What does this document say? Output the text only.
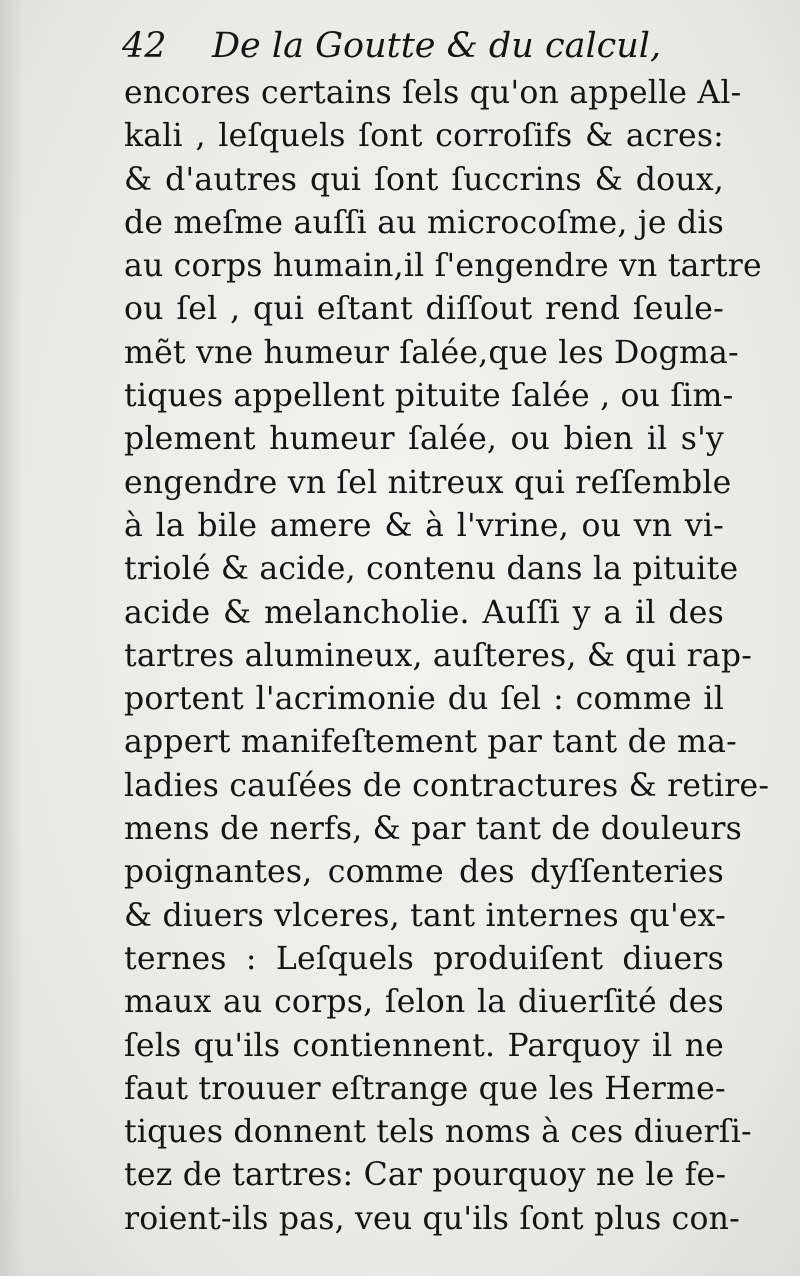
42 De la Goutte & du calcul,
encores certains ſels qu'on appelle Al-
kali , leſquels ſont corroſifs & acres:
& d'autres qui ſont ſuccrins & doux,
de meſme auſſi au microcoſme, je dis
au corps humain,il ſ'engendre vn tartre
ou ſel , qui eſtant diſſout rend ſeule-
mẽt vne humeur ſalée,que les Dogma-
tiques appellent pituite ſalée , ou ſim-
plement humeur ſalée, ou bien il s'y
engendre vn ſel nitreux qui reſſemble
à la bile amere & à l'vrine, ou vn vi-
triolé & acide, contenu dans la pituite
acide & melancholie. Auſſi y a il des
tartres alumineux, auſteres, & qui rap-
portent l'acrimonie du ſel : comme il
appert manifeſtement par tant de ma-
ladies cauſées de contractures & retire-
mens de nerfs, & par tant de douleurs
poignantes, comme des dyſſenteries
& diuers vlceres, tant internes qu'ex-
ternes : Leſquels produiſent diuers
maux au corps, ſelon la diuerſité des
ſels qu'ils contiennent. Parquoy il ne
faut trouuer eſtrange que les Herme-
tiques donnent tels noms à ces diuerſi-
tez de tartres: Car pourquoy ne le fe-
roient-ils pas, veu qu'ils ſont plus con-
